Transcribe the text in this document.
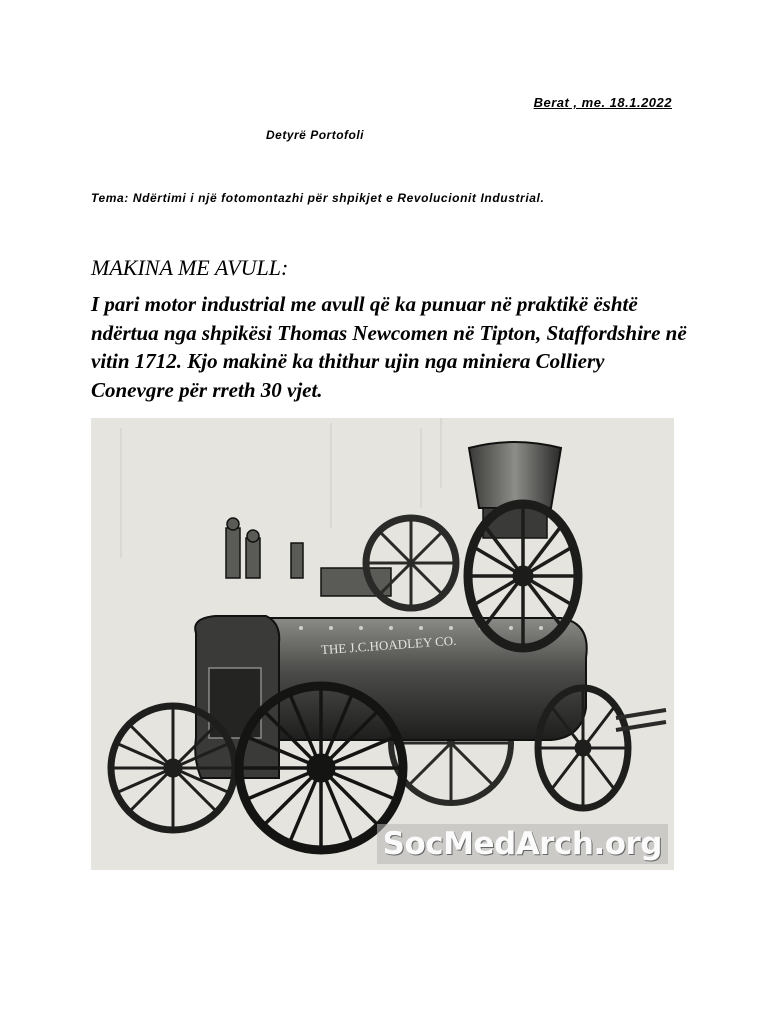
Berat , me. 18.1.2022
Detyrë Portofoli
Tema: Ndërtimi i një fotomontazhi për shpikjet e Revolucionit Industrial.
MAKINA ME AVULL:
I pari motor industrial me avull që ka punuar në praktikë është ndërtua nga shpikësi Thomas Newcomen në Tipton, Staffordshire në vitin 1712. Kjo makinë ka thithur ujin nga miniera Colliery Conevgre për rreth 30 vjet.
THE J.C.HOADLEY CO.
SocMedArch.org
